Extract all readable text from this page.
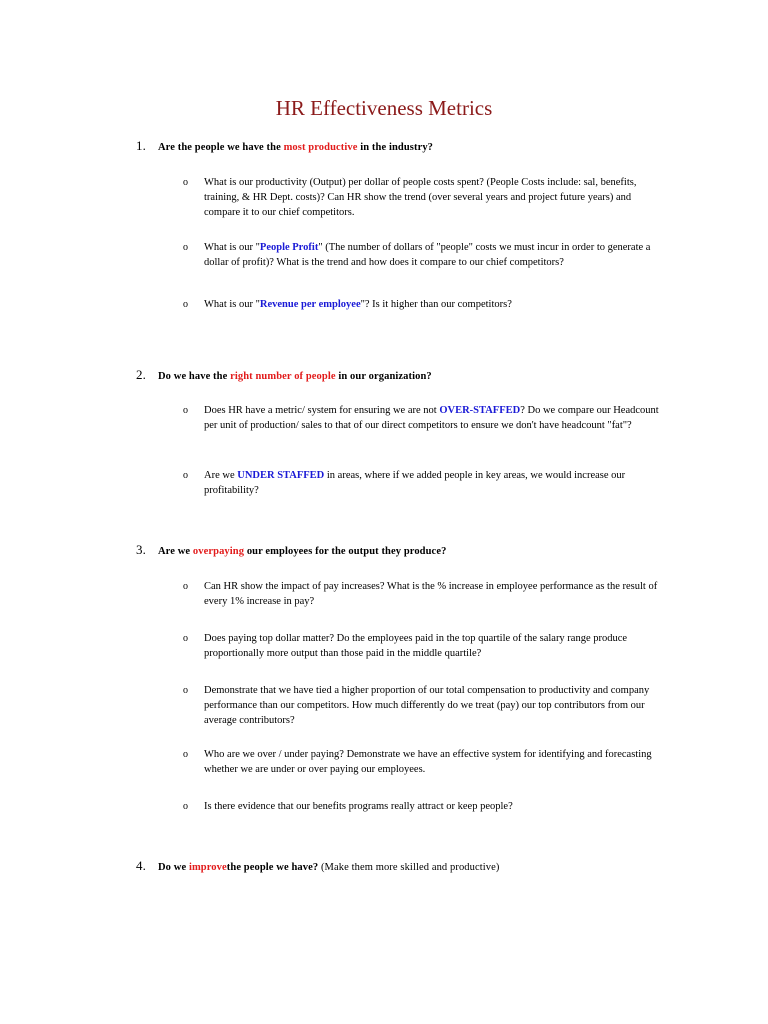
HR Effectiveness Metrics
1. Are the people we have the most productive in the industry?
o What is our productivity (Output) per dollar of people costs spent? (People Costs include: sal, benefits, training, & HR Dept. costs)? Can HR show the trend (over several years and project future years) and compare it to our chief competitors.
o What is our "People Profit" (The number of dollars of "people" costs we must incur in order to generate a dollar of profit)? What is the trend and how does it compare to our chief competitors?
o What is our "Revenue per employee"? Is it higher than our competitors?
2. Do we have the right number of people in our organization?
o Does HR have a metric/ system for ensuring we are not OVER-STAFFED? Do we compare our Headcount per unit of production/ sales to that of our direct competitors to ensure we don't have headcount "fat"?
o Are we UNDER STAFFED in areas, where if we added people in key areas, we would increase our profitability?
3. Are we overpaying our employees for the output they produce?
o Can HR show the impact of pay increases? What is the % increase in employee performance as the result of every 1% increase in pay?
o Does paying top dollar matter? Do the employees paid in the top quartile of the salary range produce proportionally more output than those paid in the middle quartile?
o Demonstrate that we have tied a higher proportion of our total compensation to productivity and company performance than our competitors. How much differently do we treat (pay) our top contributors from our average contributors?
o Who are we over / under paying? Demonstrate we have an effective system for identifying and forecasting whether we are under or over paying our employees.
o Is there evidence that our benefits programs really attract or keep people?
4. Do we improvethe people we have? (Make them more skilled and productive)
